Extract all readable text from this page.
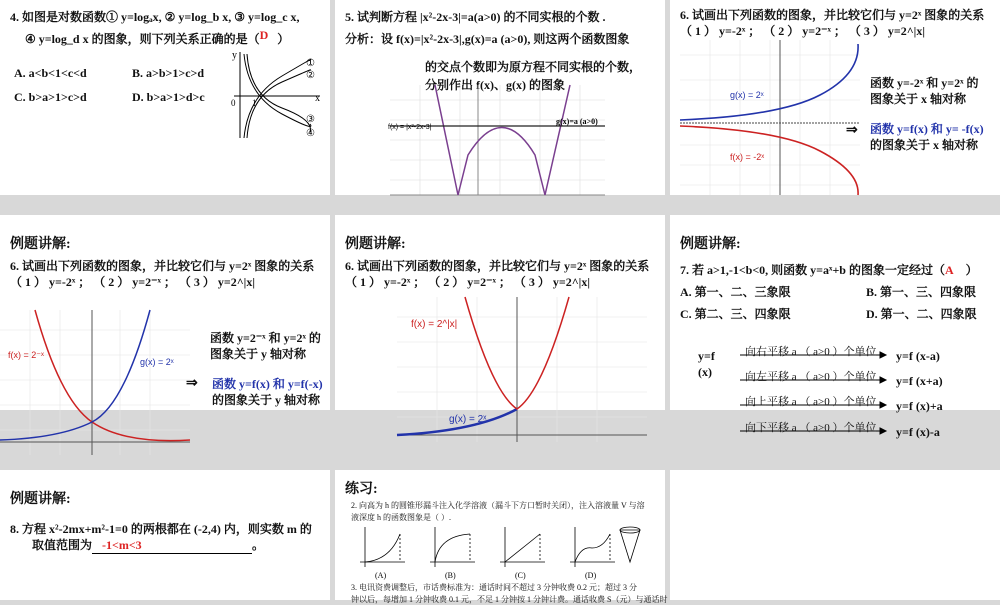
4. 如图是对数函数① y=logₐx, ② y=log_b x, ③ y=log_c x,
④ y=log_d x 的图象，则下列关系正确的是（D ）
A. a<b<1<c<d	B. a>b>1>c>d
C. b>a>1>c>d	D. b>a>1>d>c
y
x
0 1
①
②
③
④
5. 试判断方程 |x²-2x-3|=a(a>0) 的不同实根的个数 .
分析：设 f(x)=|x²-2x-3|,g(x)=a (a>0), 则这两个函数图象
的交点个数即为原方程不同实根的个数，
分别作出 f(x)、g(x) 的图象
f(x) = |x²-2x-3|
g(x)=a (a>0)
6. 试画出下列函数的图象，并比较它们与 y=2ˣ 图象的关系
（ 1 ） y=-2ˣ ； （ 2 ） y=2⁻ˣ ； （ 3 ） y=2^|x|
g(x) = 2ˣ
f(x) = -2ˣ
函数 y=-2ˣ 和 y=2ˣ 的
图象关于 x 轴对称
⇒ 函数 y=f(x) 和 y= -f(x)
的图象关于 x 轴对称
例题讲解:
6. 试画出下列函数的图象，并比较它们与 y=2ˣ 图象的关系
（ 1 ） y=-2ˣ ； （ 2 ） y=2⁻ˣ ； （ 3 ） y=2^|x|
f(x) = 2⁻ˣ
g(x) = 2ˣ
函数 y=2⁻ˣ 和 y=2ˣ 的
图象关于 y 轴对称
⇒ 函数 y=f(x) 和 y=f(-x)
的图象关于 y 轴对称
例题讲解:
6. 试画出下列函数的图象，并比较它们与 y=2ˣ 图象的关系
（ 1 ） y=-2ˣ ； （ 2 ） y=2⁻ˣ ； （ 3 ） y=2^|x|
f(x) = 2^|x|
g(x) = 2ˣ
例题讲解:
7. 若 a>1,-1<b<0, 则函数 y=aˣ+b 的图象一定经过（A ）
A. 第一、二、三象限	B. 第一、三、四象限
C. 第二、三、四象限	D. 第一、二、四象限
y=f
(x)
向右平移 a （ a>0 ）个单位 y=f (x-a)
向左平移 a （ a>0 ）个单位 y=f (x+a)
向上平移 a （ a>0 ）个单位 y=f (x)+a
向下平移 a （ a>0 ）个单位 y=f (x)-a
例题讲解:
8. 方程 x²-2mx+m²-1=0 的两根都在 (-2,4) 内，则实数 m 的
取值范围为 -1<m<3	。
练习:
2. 向高为 h 的圆锥形漏斗注入化学溶液（漏斗下方口暂时关闭），注入溶液量 V 与溶
液深度 h 的函数图象是（ ）.
(A)	(B)	(C)	(D)
3. 电讯资费调整后，市话费标准为：通话时间不超过 3 分钟收费 0.2 元；超过 3 分
钟以后，每增加 1 分钟收费 0.1 元，不足 1 分钟按 1 分钟计费。通话收费 S（元）与通话时
